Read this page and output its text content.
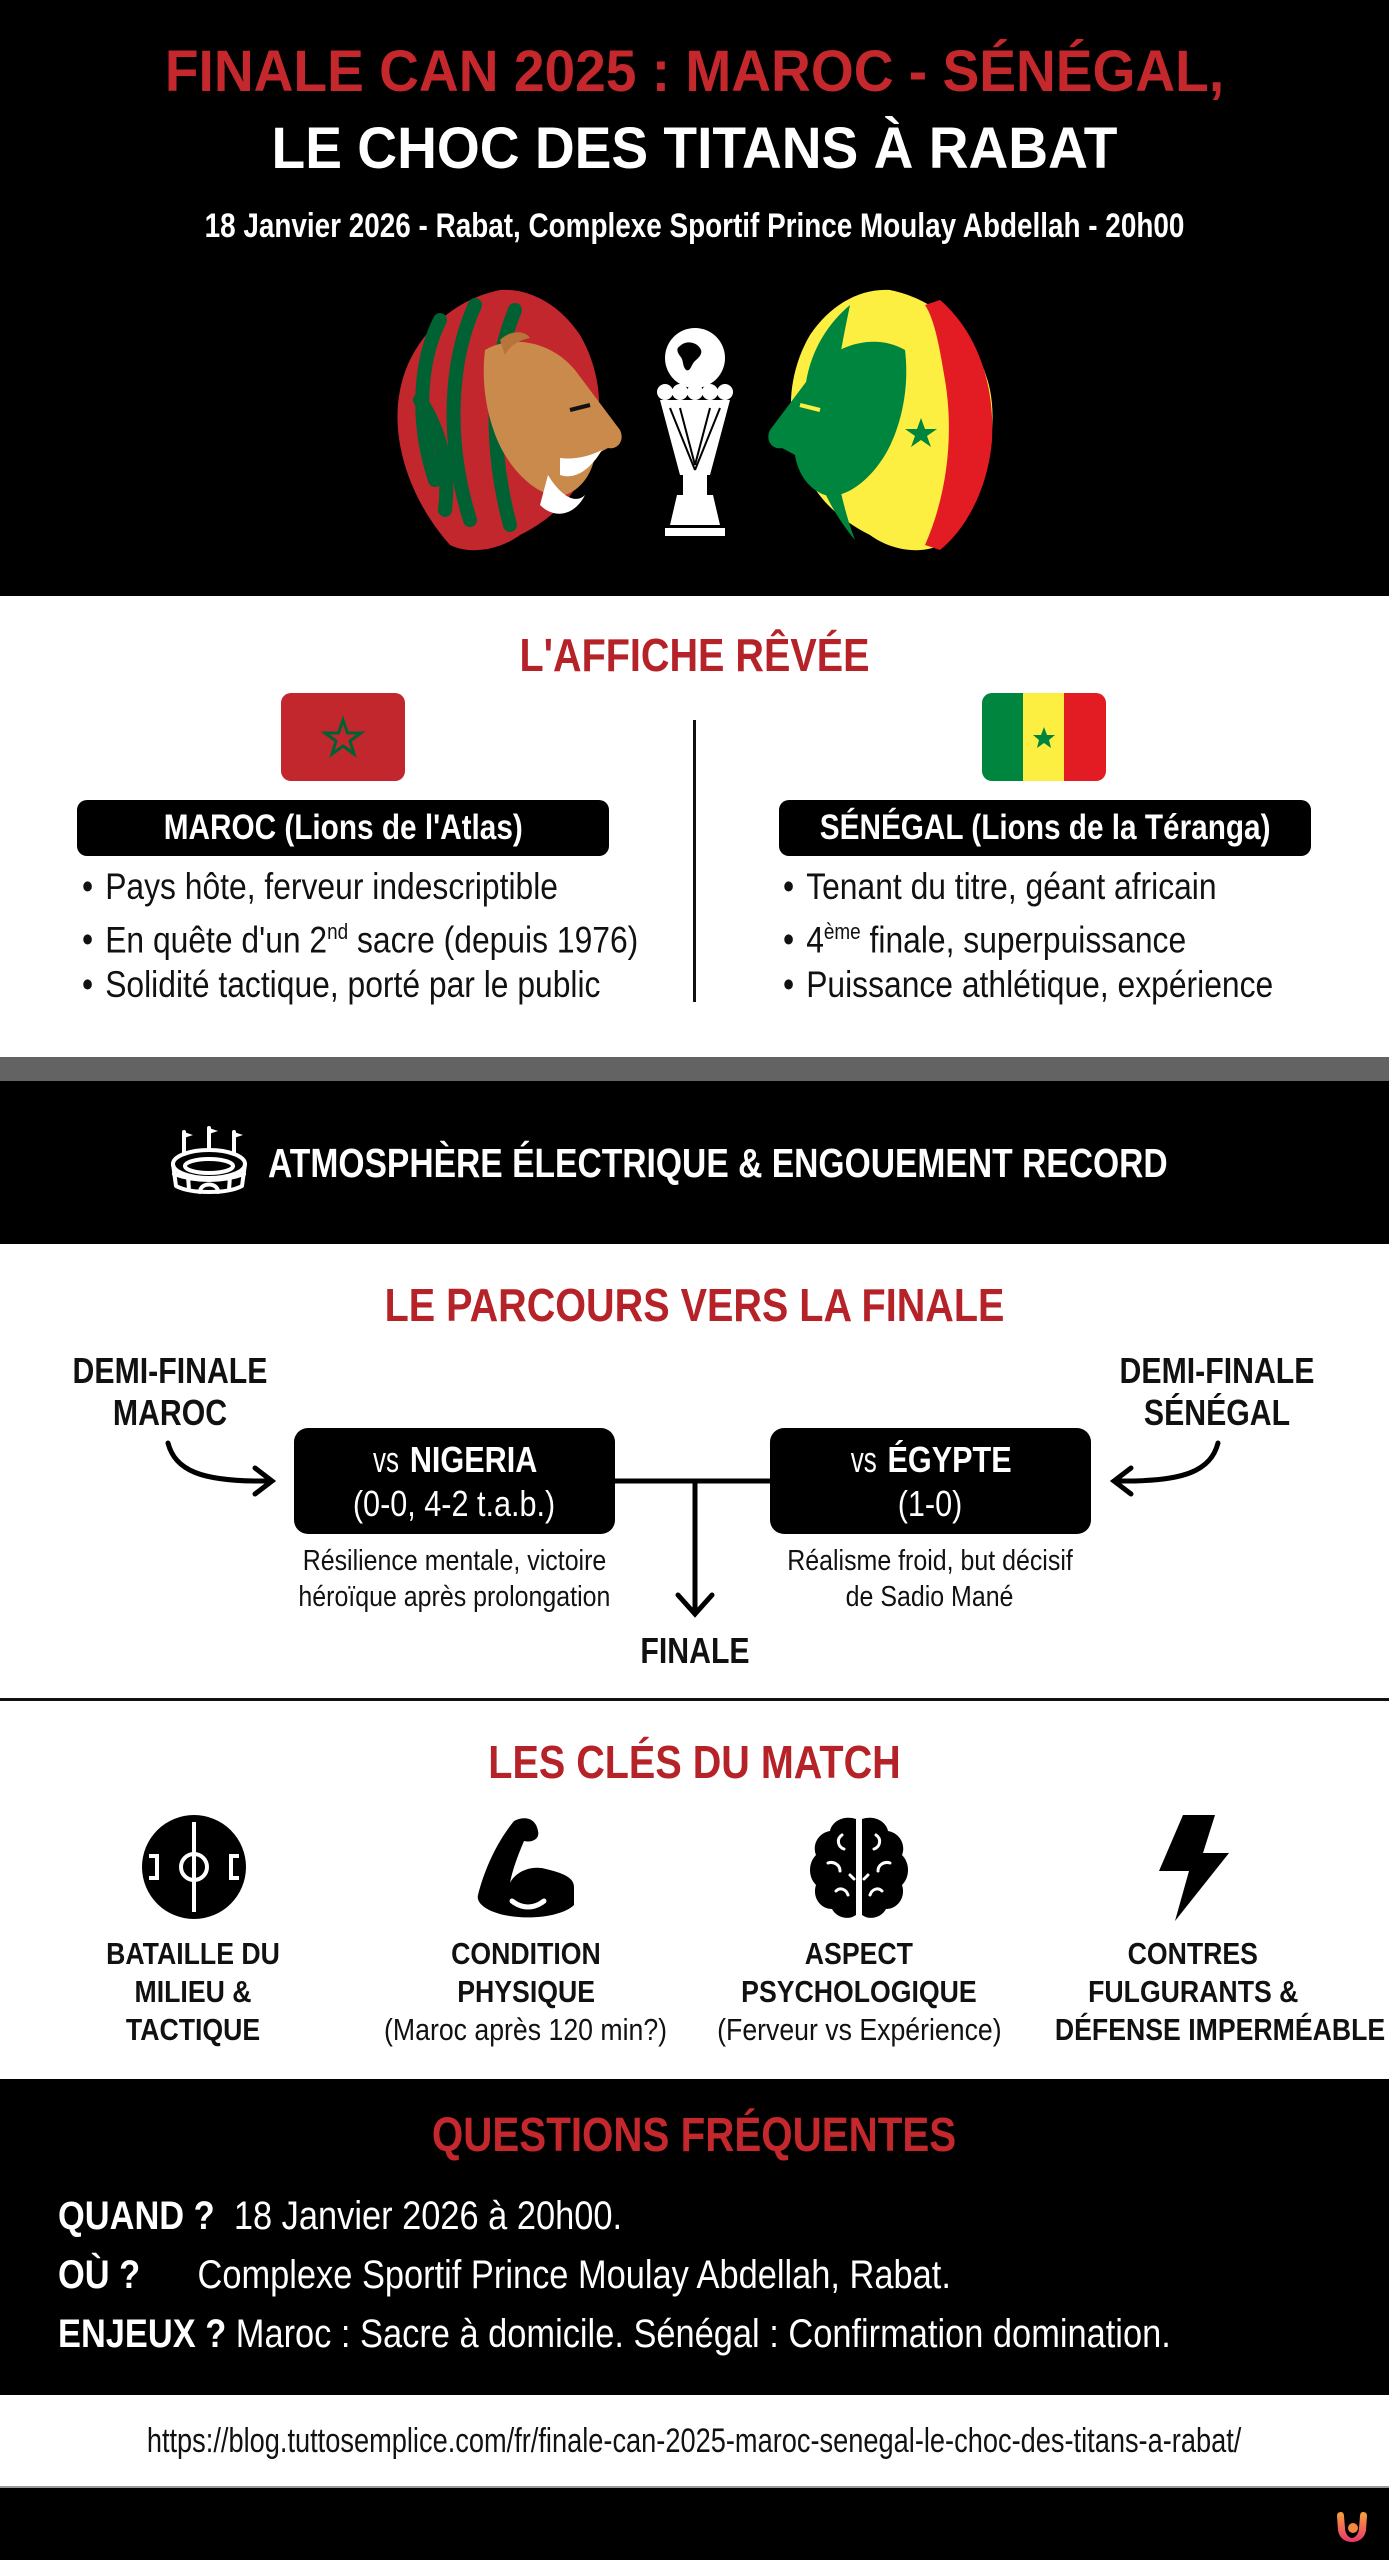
FINALE CAN 2025 : MAROC - SÉNÉGAL,
LE CHOC DES TITANS À RABAT
18 Janvier 2026 - Rabat, Complexe Sportif Prince Moulay Abdellah - 20h00
L'AFFICHE RÊVÉE
MAROC (Lions de l'Atlas)	SÉNÉGAL (Lions de la Téranga)
• Pays hôte, ferveur indescriptible
• En quête d'un 2nd sacre (depuis 1976)
• Solidité tactique, porté par le public
• Tenant du titre, géant africain
• 4ème finale, superpuissance
• Puissance athlétique, expérience
ATMOSPHÈRE ÉLECTRIQUE & ENGOUEMENT RECORD
LE PARCOURS VERS LA FINALE
DEMI-FINALE
MAROC
DEMI-FINALE
SÉNÉGAL
vs NIGERIA
(0-0, 4-2 t.a.b.)
vs ÉGYPTE
(1-0)
Résilience mentale, victoire
héroïque après prolongation
Réalisme froid, but décisif
de Sadio Mané
FINALE
LES CLÉS DU MATCH
BATAILLE DU
MILIEU &
TACTIQUE
CONDITION
PHYSIQUE
(Maroc après 120 min?)
ASPECT
PSYCHOLOGIQUE
(Ferveur vs Expérience)
CONTRES
FULGURANTS &
DÉFENSE IMPERMÉABLE
QUESTIONS FRÉQUENTES
QUAND ? 18 Janvier 2026 à 20h00.
OÙ ? Complexe Sportif Prince Moulay Abdellah, Rabat.
ENJEUX ? Maroc : Sacre à domicile. Sénégal : Confirmation domination.
https://blog.tuttosemplice.com/fr/finale-can-2025-maroc-senegal-le-choc-des-titans-a-rabat/
